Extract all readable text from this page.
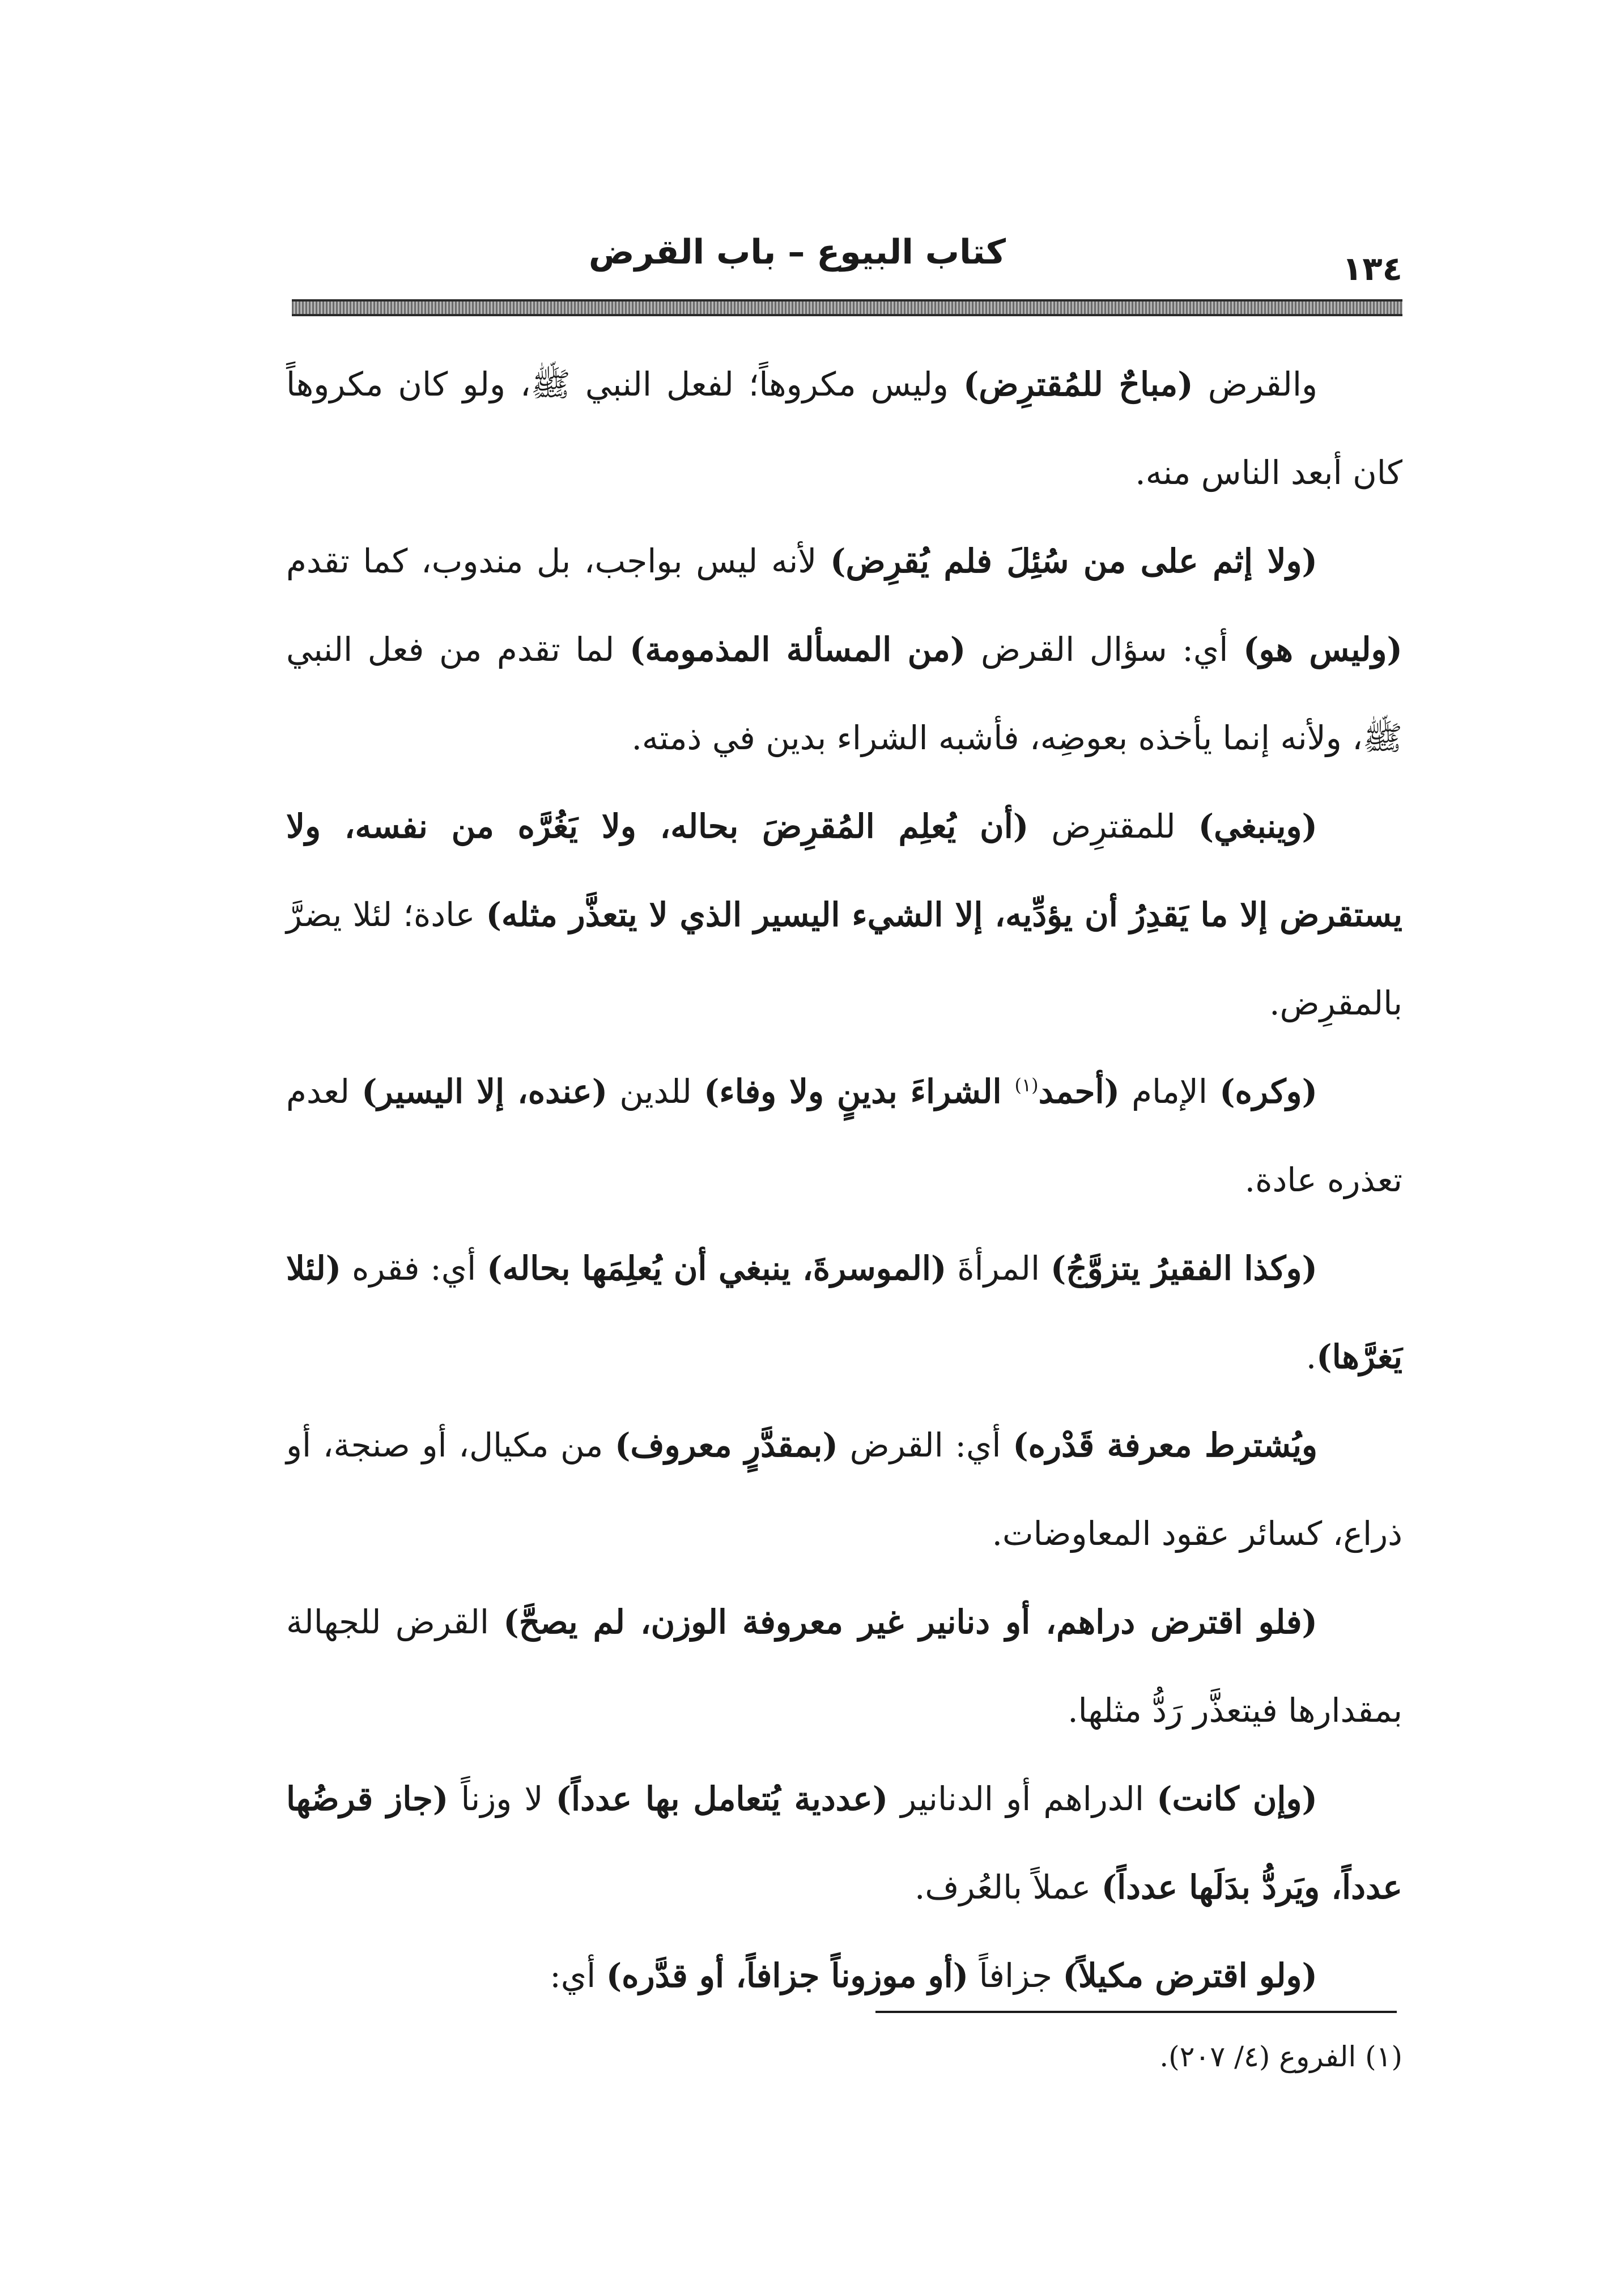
كتاب البيوع – باب القرض	١٣٤

والقرض (مباحٌ للمُقترِض) وليس مكروهاً؛ لفعل النبي ﷺ، ولو كان مكروهاً كان أبعد الناس منه.

(ولا إثم على من سُئِلَ فلم يُقرِض) لأنه ليس بواجب، بل مندوب، كما تقدم (وليس هو) أي: سؤال القرض (من المسألة المذمومة) لما تقدم من فعل النبي ﷺ، ولأنه إنما يأخذه بعوضِه، فأشبه الشراء بدين في ذمته.

(وينبغي) للمقترِض (أن يُعلِم المُقرِضَ بحاله، ولا يَغُرَّه من نفسه، ولا يستقرض إلا ما يَقدِرُ أن يؤدِّيه، إلا الشيء اليسير الذي لا يتعذَّر مثله) عادة؛ لئلا يضرَّ بالمقرِض.

(وكره) الإمام (أحمد$^{(١)}$ الشراءَ بدينٍ ولا وفاء) للدين (عنده، إلا اليسير) لعدم تعذره عادة.

(وكذا الفقيرُ يتزوَّجُ) المرأةَ (الموسرةَ، ينبغي أن يُعلِمَها بحاله) أي: فقره (لئلا يَغرَّها).

ويُشترط معرفة قَدْره) أي: القرض (بمقدَّرٍ معروف) من مكيال، أو صنجة، أو ذراع، كسائر عقود المعاوضات.

(فلو اقترض دراهم، أو دنانير غير معروفة الوزن، لم يصحَّ) القرض للجهالة بمقدارها فيتعذَّر رَدُّ مثلها.

(وإن كانت) الدراهم أو الدنانير (عددية يُتعامل بها عدداً) لا وزناً (جاز قرضُها عدداً، ويَردُّ بدَلَها عدداً) عملاً بالعُرف.

(ولو اقترض مكيلاً) جزافاً (أو موزوناً جزافاً، أو قدَّره) أي:

(١) الفروع (٤/ ٢٠٧).
